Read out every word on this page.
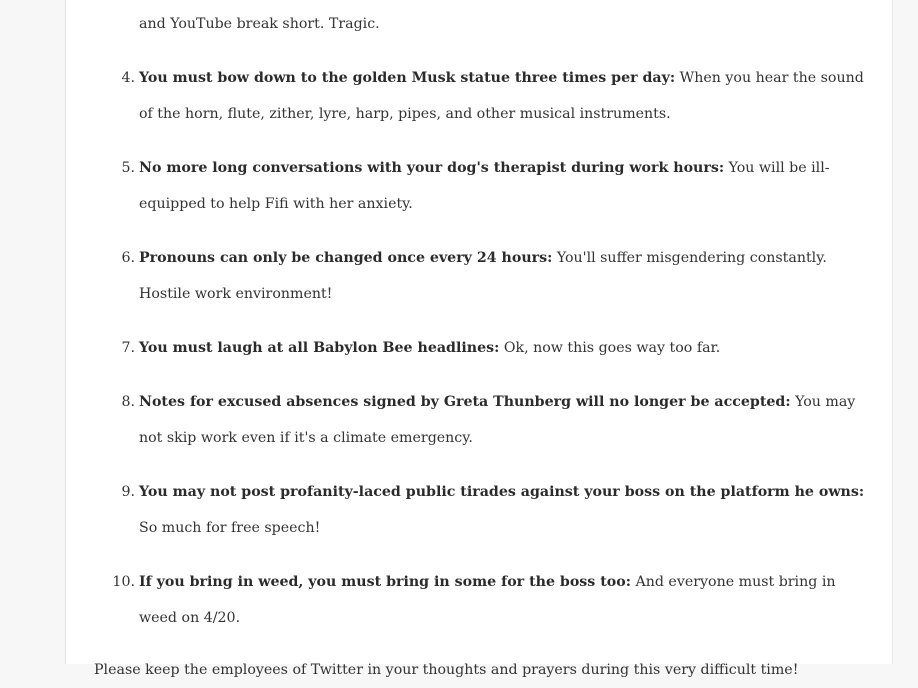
and YouTube break short. Tragic.

4. You must bow down to the golden Musk statue three times per day: When you hear the sound of the horn, flute, zither, lyre, harp, pipes, and other musical instruments.
5. No more long conversations with your dog's therapist during work hours: You will be ill-equipped to help Fifi with her anxiety.
6. Pronouns can only be changed once every 24 hours: You'll suffer misgendering constantly. Hostile work environment!
7. You must laugh at all Babylon Bee headlines: Ok, now this goes way too far.
8. Notes for excused absences signed by Greta Thunberg will no longer be accepted: You may not skip work even if it's a climate emergency.
9. You may not post profanity-laced public tirades against your boss on the platform he owns: So much for free speech!
10. If you bring in weed, you must bring in some for the boss too: And everyone must bring in weed on 4/20.

Please keep the employees of Twitter in your thoughts and prayers during this very difficult time!
